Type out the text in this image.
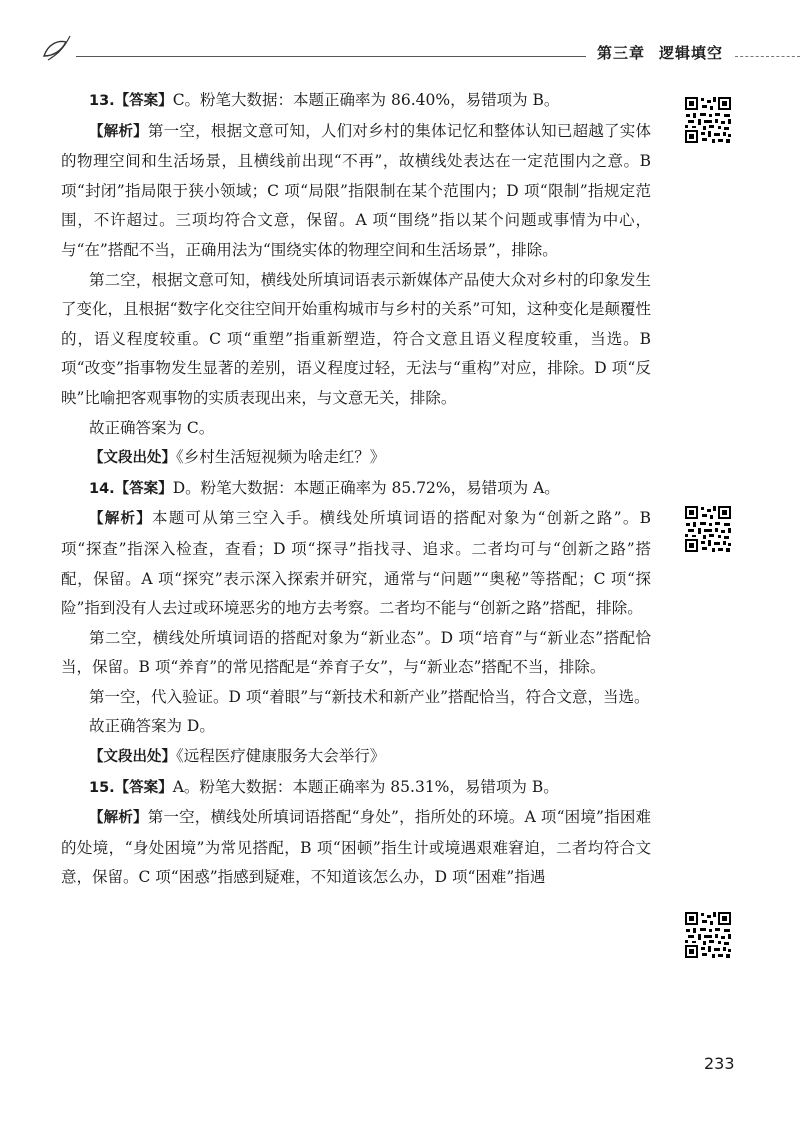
第三章 逻辑填空

13.【答案】C。粉笔大数据：本题正确率为 86.40%，易错项为 B。

【解析】第一空，根据文意可知，人们对乡村的集体记忆和整体认知已超越了实体的物理空间和生活场景，且横线前出现“不再”，故横线处表达在一定范围内之意。B 项“封闭”指局限于狭小领域；C 项“局限”指限制在某个范围内；D 项“限制”指规定范围，不许超过。三项均符合文意，保留。A 项“围绕”指以某个问题或事情为中心，与“在”搭配不当，正确用法为“围绕实体的物理空间和生活场景”，排除。

第二空，根据文意可知，横线处所填词语表示新媒体产品使大众对乡村的印象发生了变化，且根据“数字化交往空间开始重构城市与乡村的关系”可知，这种变化是颠覆性的，语义程度较重。C 项“重塑”指重新塑造，符合文意且语义程度较重，当选。B 项“改变”指事物发生显著的差别，语义程度过轻，无法与“重构”对应，排除。D 项“反映”比喻把客观事物的实质表现出来，与文意无关，排除。

故正确答案为 C。

【文段出处】《乡村生活短视频为啥走红？》

14.【答案】D。粉笔大数据：本题正确率为 85.72%，易错项为 A。

【解析】本题可从第三空入手。横线处所填词语的搭配对象为“创新之路”。B 项“探查”指深入检查，查看；D 项“探寻”指找寻、追求。二者均可与“创新之路”搭配，保留。A 项“探究”表示深入探索并研究，通常与“问题”“奥秘”等搭配；C 项“探险”指到没有人去过或环境恶劣的地方去考察。二者均不能与“创新之路”搭配，排除。

第二空，横线处所填词语的搭配对象为“新业态”。D 项“培育”与“新业态”搭配恰当，保留。B 项“养育”的常见搭配是“养育子女”，与“新业态”搭配不当，排除。

第一空，代入验证。D 项“着眼”与“新技术和新产业”搭配恰当，符合文意，当选。

故正确答案为 D。

【文段出处】《远程医疗健康服务大会举行》

15.【答案】A。粉笔大数据：本题正确率为 85.31%，易错项为 B。

【解析】第一空，横线处所填词语搭配“身处”，指所处的环境。A 项“困境”指困难的处境，“身处困境”为常见搭配，B 项“困顿”指生计或境遇艰难窘迫，二者均符合文意，保留。C 项“困惑”指感到疑难，不知道该怎么办，D 项“困难”指遇

233
